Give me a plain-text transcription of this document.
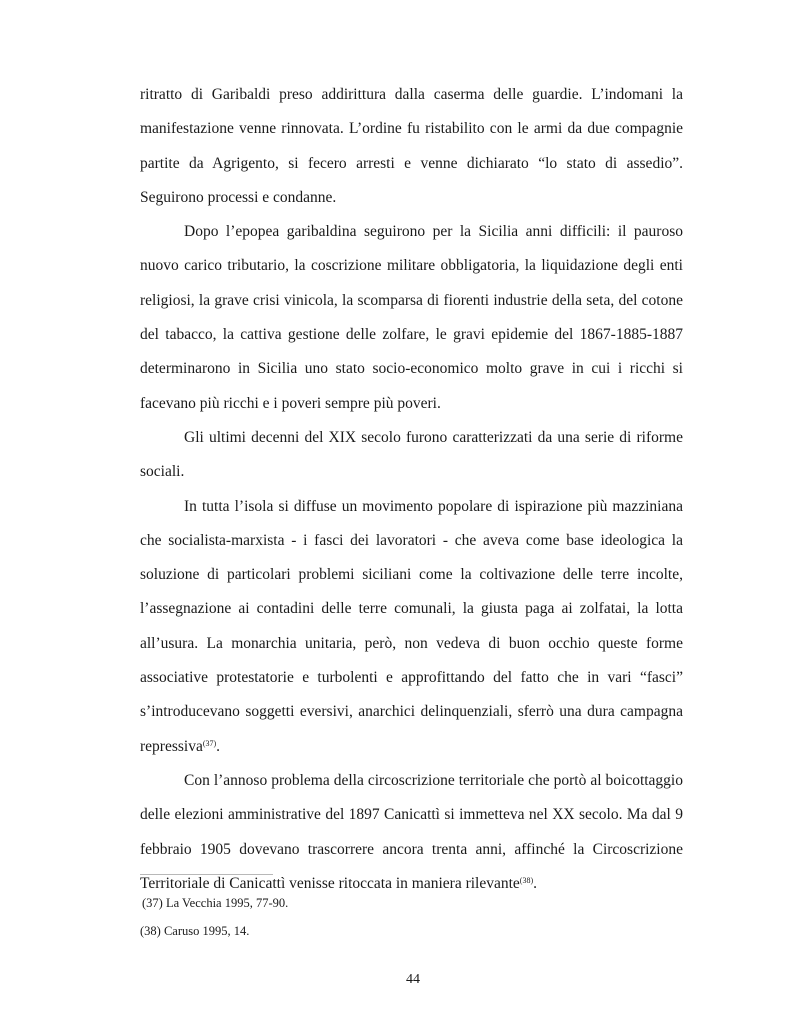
ritratto di Garibaldi preso addirittura dalla caserma delle guardie. L’indomani la manifestazione venne rinnovata. L’ordine fu ristabilito con le armi da due compagnie partite da Agrigento, si fecero arresti e venne dichiarato “lo stato di assedio”. Seguirono processi e condanne.

Dopo l’epopea garibaldina seguirono per la Sicilia anni difficili: il pauroso nuovo carico tributario, la coscrizione militare obbligatoria, la liquidazione degli enti religiosi, la grave crisi vinicola, la scomparsa di fiorenti industrie della seta, del cotone del tabacco, la cattiva gestione delle zolfare, le gravi epidemie del 1867-1885-1887 determinarono in Sicilia uno stato socio-economico molto grave in cui i ricchi si facevano più ricchi e i poveri sempre più poveri.

Gli ultimi decenni del XIX secolo furono caratterizzati da una serie di riforme sociali.

In tutta l’isola si diffuse un movimento popolare di ispirazione più mazziniana che socialista-marxista - i fasci dei lavoratori - che aveva come base ideologica la soluzione di particolari problemi siciliani come la coltivazione delle terre incolte, l’assegnazione ai contadini delle terre comunali, la giusta paga ai zolfatai, la lotta all’usura. La monarchia unitaria, però, non vedeva di buon occhio queste forme associative protestatorie e turbolenti e approfittando del fatto che in vari “fasci” s’introducevano soggetti eversivi, anarchici delinquenziali, sferrò una dura campagna repressiva$^{(37)}$.

Con l’annoso problema della circoscrizione territoriale che portò al boicottaggio delle elezioni amministrative del 1897 Canicattì si immetteva nel XX secolo. Ma dal 9 febbraio 1905 dovevano trascorrere ancora trenta anni, affinché la Circoscrizione Territoriale di Canicattì venisse ritoccata in maniera rilevante$^{(38)}$.

(37) La Vecchia 1995, 77-90.

(38) Caruso 1995, 14.

44
